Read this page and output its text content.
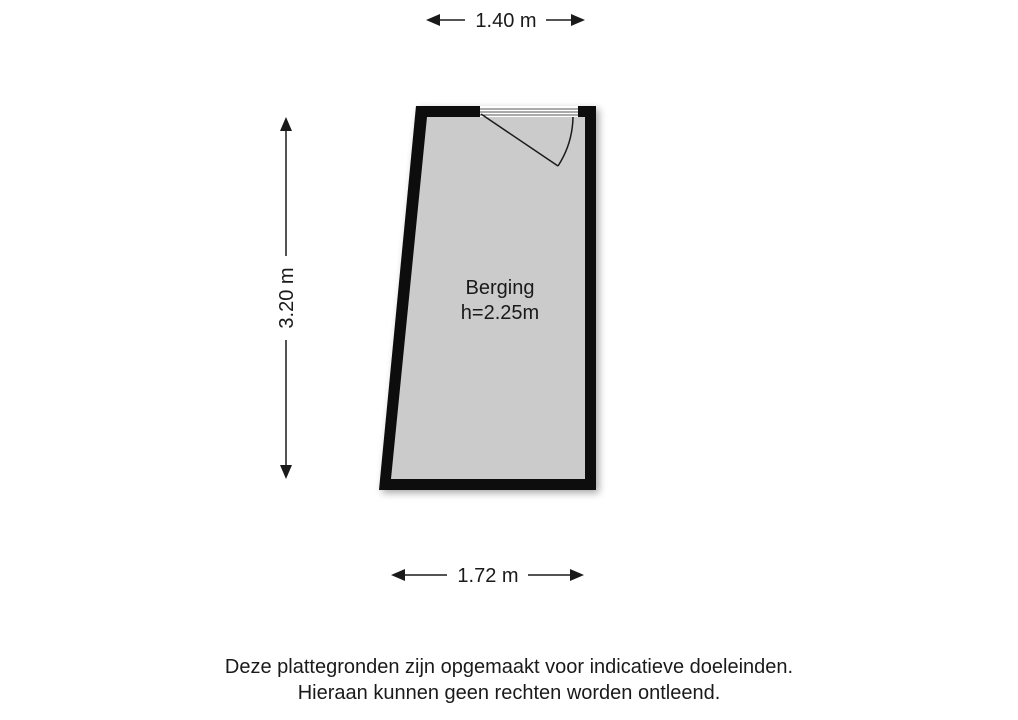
1.40 m
3.20 m
1.72 m
Berging
h=2.25m
Deze plattegronden zijn opgemaakt voor indicatieve doeleinden.
Hieraan kunnen geen rechten worden ontleend.
